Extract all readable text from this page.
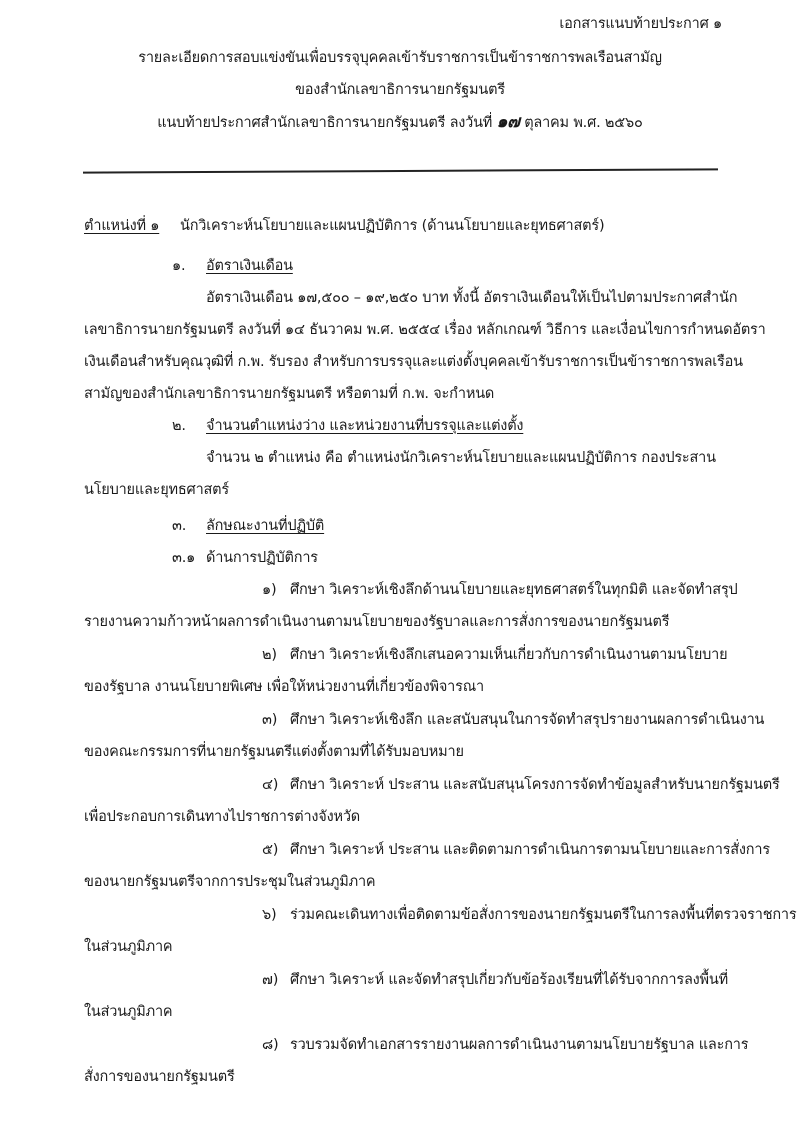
เอกสารแนบท้ายประกาศ ๑
รายละเอียดการสอบแข่งขันเพื่อบรรจุบุคคลเข้ารับราชการเป็นข้าราชการพลเรือนสามัญ
ของสำนักเลขาธิการนายกรัฐมนตรี
แนบท้ายประกาศสำนักเลขาธิการนายกรัฐมนตรี ลงวันที่ ๑๗ ตุลาคม พ.ศ. ๒๕๖๐
ตำแหน่งที่ ๑ นักวิเคราะห์นโยบายและแผนปฏิบัติการ (ด้านนโยบายและยุทธศาสตร์)
๑. อัตราเงินเดือน
อัตราเงินเดือน ๑๗,๕๐๐ – ๑๙,๒๕๐ บาท ทั้งนี้ อัตราเงินเดือนให้เป็นไปตามประกาศสำนัก
เลขาธิการนายกรัฐมนตรี ลงวันที่ ๑๔ ธันวาคม พ.ศ. ๒๕๕๔ เรื่อง หลักเกณฑ์ วิธีการ และเงื่อนไขการกำหนดอัตรา
เงินเดือนสำหรับคุณวุฒิที่ ก.พ. รับรอง สำหรับการบรรจุและแต่งตั้งบุคคลเข้ารับราชการเป็นข้าราชการพลเรือน
สามัญของสำนักเลขาธิการนายกรัฐมนตรี หรือตามที่ ก.พ. จะกำหนด
๒. จำนวนตำแหน่งว่าง และหน่วยงานที่บรรจุและแต่งตั้ง
จำนวน ๒ ตำแหน่ง คือ ตำแหน่งนักวิเคราะห์นโยบายและแผนปฏิบัติการ กองประสาน
นโยบายและยุทธศาสตร์
๓. ลักษณะงานที่ปฏิบัติ
๓.๑ ด้านการปฏิบัติการ
๑) ศึกษา วิเคราะห์เชิงลึกด้านนโยบายและยุทธศาสตร์ในทุกมิติ และจัดทำสรุป
รายงานความก้าวหน้าผลการดำเนินงานตามนโยบายของรัฐบาลและการสั่งการของนายกรัฐมนตรี
๒) ศึกษา วิเคราะห์เชิงลึกเสนอความเห็นเกี่ยวกับการดำเนินงานตามนโยบาย
ของรัฐบาล งานนโยบายพิเศษ เพื่อให้หน่วยงานที่เกี่ยวข้องพิจารณา
๓) ศึกษา วิเคราะห์เชิงลึก และสนับสนุนในการจัดทำสรุปรายงานผลการดำเนินงาน
ของคณะกรรมการที่นายกรัฐมนตรีแต่งตั้งตามที่ได้รับมอบหมาย
๔) ศึกษา วิเคราะห์ ประสาน และสนับสนุนโครงการจัดทำข้อมูลสำหรับนายกรัฐมนตรี
เพื่อประกอบการเดินทางไปราชการต่างจังหวัด
๕) ศึกษา วิเคราะห์ ประสาน และติดตามการดำเนินการตามนโยบายและการสั่งการ
ของนายกรัฐมนตรีจากการประชุมในส่วนภูมิภาค
๖) ร่วมคณะเดินทางเพื่อติดตามข้อสั่งการของนายกรัฐมนตรีในการลงพื้นที่ตรวจราชการ
ในส่วนภูมิภาค
๗) ศึกษา วิเคราะห์ และจัดทำสรุปเกี่ยวกับข้อร้องเรียนที่ได้รับจากการลงพื้นที่
ในส่วนภูมิภาค
๘) รวบรวมจัดทำเอกสารรายงานผลการดำเนินงานตามนโยบายรัฐบาล และการ
สั่งการของนายกรัฐมนตรี
